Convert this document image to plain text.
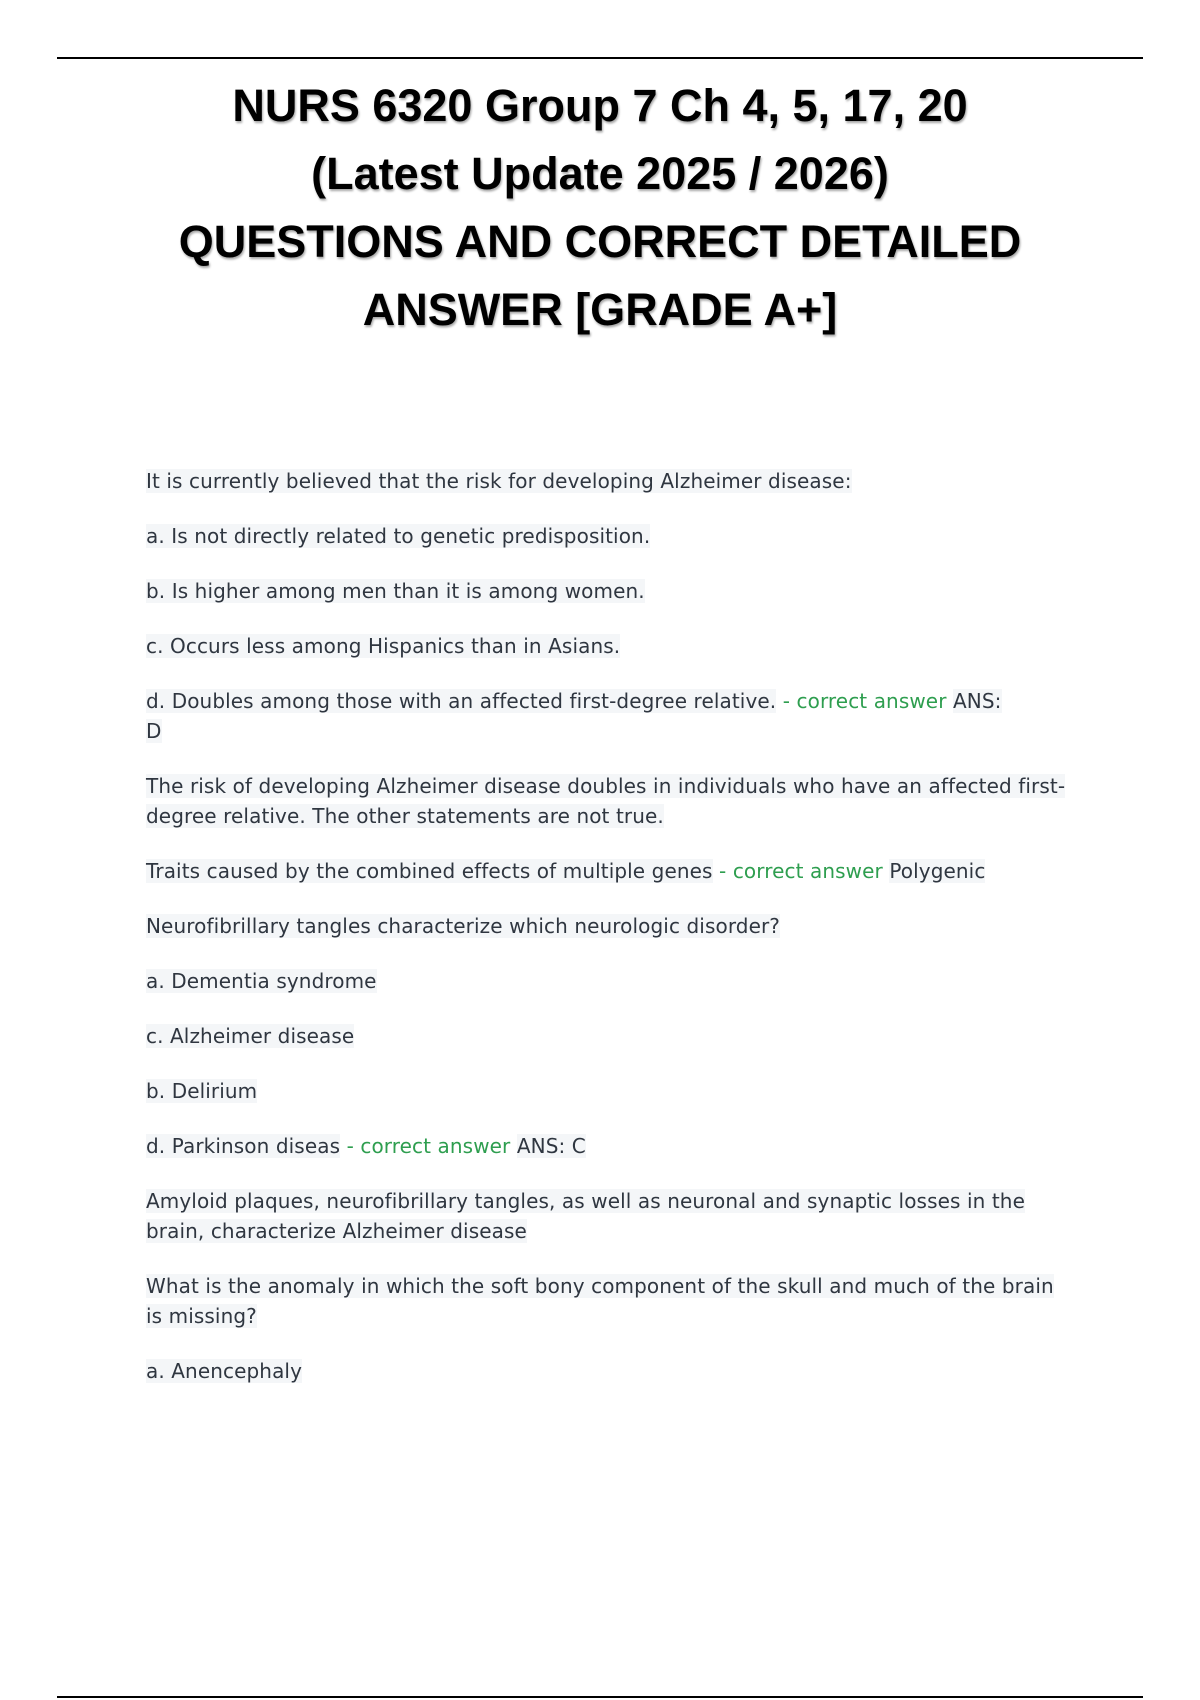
NURS 6320 Group 7 Ch 4, 5, 17, 20
(Latest Update 2025 / 2026)
QUESTIONS AND CORRECT DETAILED
ANSWER [GRADE A+]

It is currently believed that the risk for developing Alzheimer disease:

a. Is not directly related to genetic predisposition.

b. Is higher among men than it is among women.

c. Occurs less among Hispanics than in Asians.

d. Doubles among those with an affected first-degree relative. - correct answer ANS:
D

The risk of developing Alzheimer disease doubles in individuals who have an affected first-degree relative. The other statements are not true.

Traits caused by the combined effects of multiple genes - correct answer Polygenic

Neurofibrillary tangles characterize which neurologic disorder?

a. Dementia syndrome

c. Alzheimer disease

b. Delirium

d. Parkinson diseas - correct answer ANS: C

Amyloid plaques, neurofibrillary tangles, as well as neuronal and synaptic losses in the brain, characterize Alzheimer disease

What is the anomaly in which the soft bony component of the skull and much of the brain is missing?

a. Anencephaly
